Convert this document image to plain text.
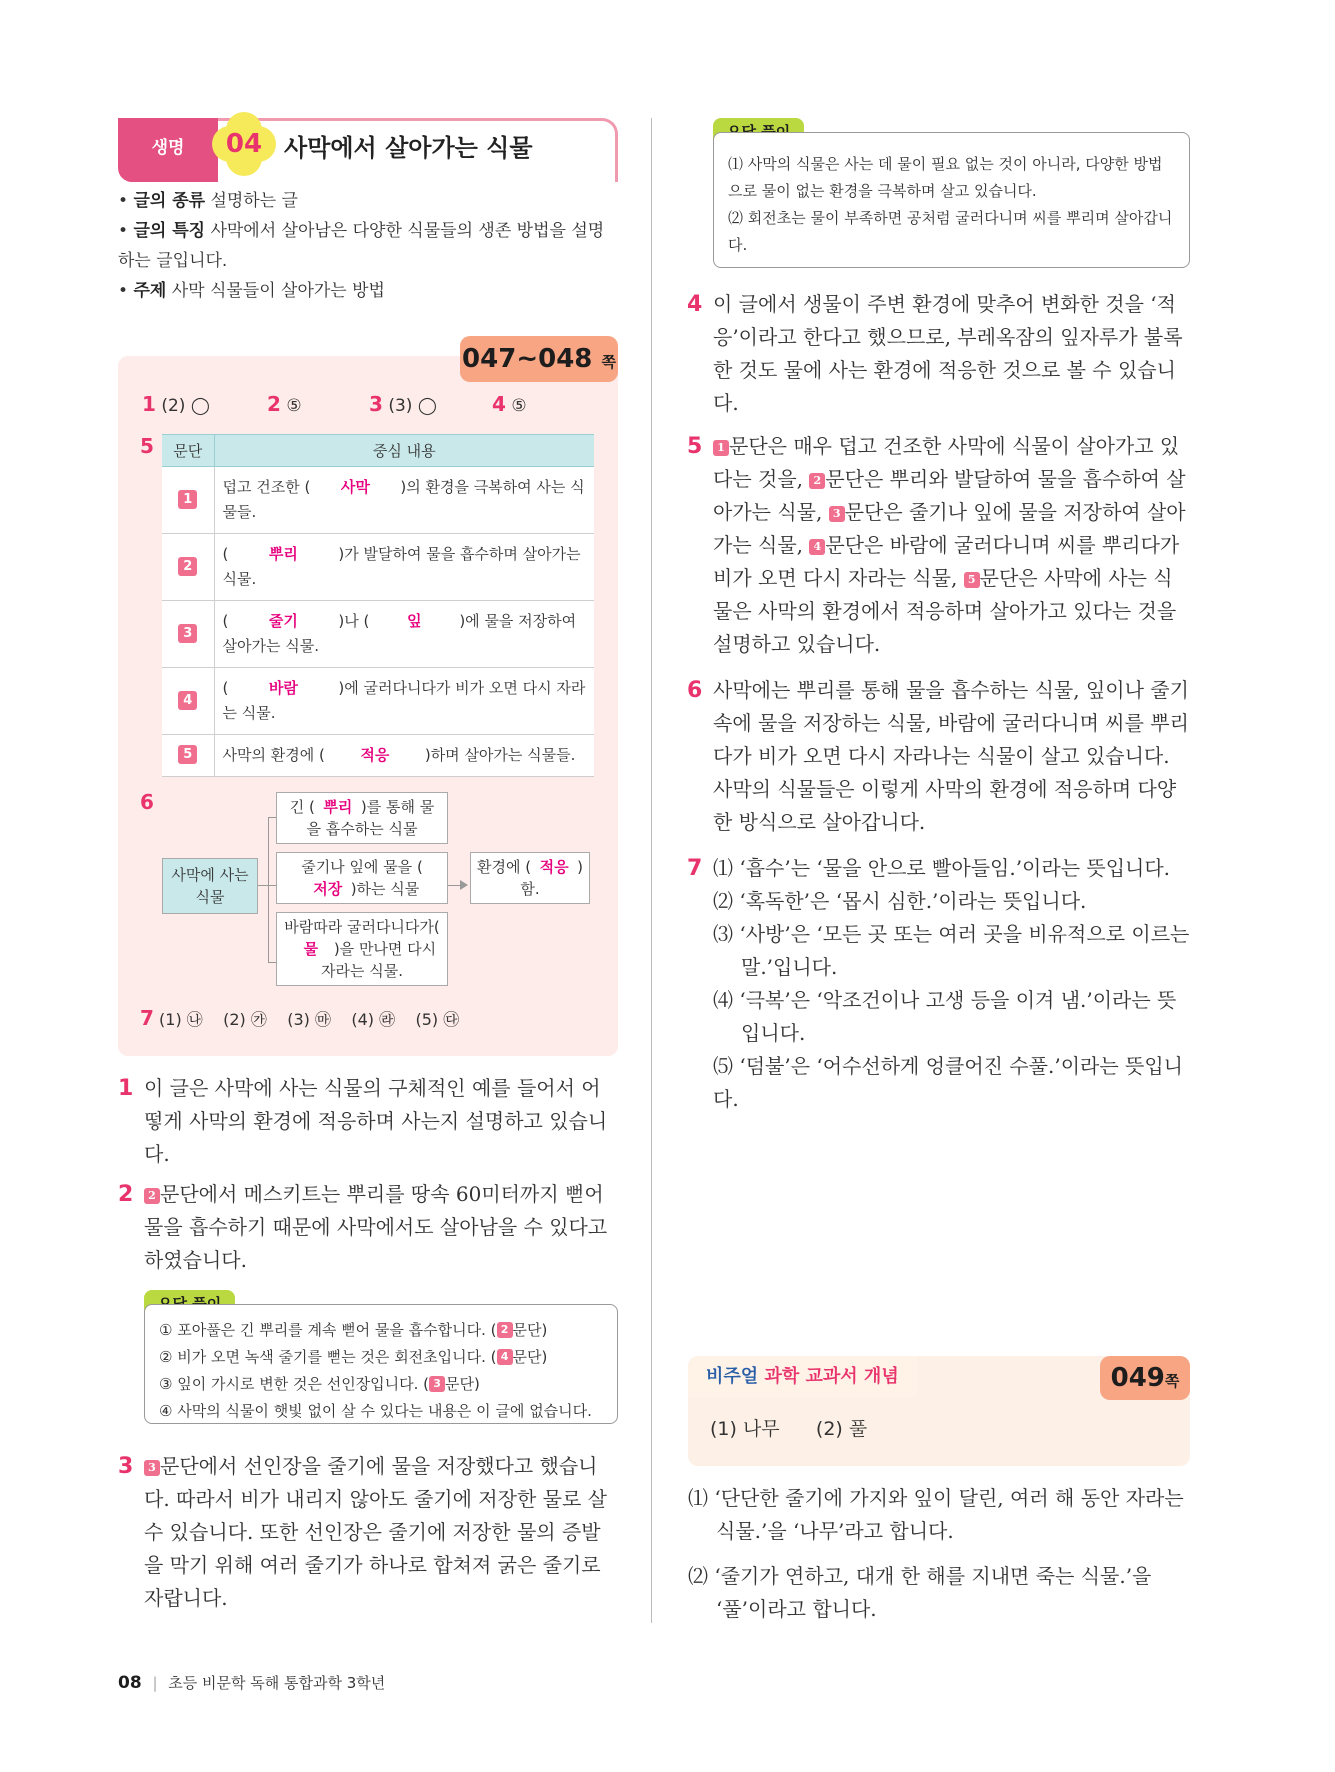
생명	04 사막에서 살아가는 식물
• 글의 종류 설명하는 글
• 글의 특징 사막에서 살아남은 다양한 식물들의 생존 방법을 설명하는 글입니다.
• 주제 사막 식물들이 살아가는 방법
047~048 쪽
1 (2) ◯	2 ⑤	3 (3) ◯	4 ⑤
5 문단	중심 내용
1	덥고 건조한 ( 사막 )의 환경을 극복하여 사는 식물들.
2	( 뿌리 )가 발달하여 물을 흡수하며 살아가는 식물.
3	( 줄기 )나 ( 잎 )에 물을 저장하여 살아가는 식물.
4	( 바람 )에 굴러다니다가 비가 오면 다시 자라는 식물.
5	사막의 환경에 ( 적응 )하며 살아가는 식물들.
6
사막에 사는 식물
긴 ( 뿌리 )를 통해 물을 흡수하는 식물
줄기나 잎에 물을 (저장 )하는 식물
바람따라 굴러다니다가(물 )을 만나면 다시 자라는 식물.
환경에 ( 적응 )함.
7 (1) ㉯ (2) ㉮ (3) ㉲ (4) ㉱ (5) ㉰
1 이 글은 사막에 사는 식물의 구체적인 예를 들어서 어떻게 사막의 환경에 적응하며 사는지 설명하고 있습니다.
2 2 문단에서 메스키트는 뿌리를 땅속 60미터까지 뻗어 물을 흡수하기 때문에 사막에서도 살아남을 수 있다고 하였습니다.
① 포아풀은 긴 뿌리를 계속 뻗어 물을 흡수합니다. ( 2 문단)
② 비가 오면 녹색 줄기를 뻗는 것은 회전초입니다. ( 4 문단)
③ 잎이 가시로 변한 것은 선인장입니다. ( 3 문단)
④ 사막의 식물이 햇빛 없이 살 수 있다는 내용은 이 글에 없습니다.
3 3 문단에서 선인장을 줄기에 물을 저장했다고 했습니다. 따라서 비가 내리지 않아도 줄기에 저장한 물로 살 수 있습니다. 또한 선인장은 줄기에 저장한 물의 증발을 막기 위해 여러 줄기가 하나로 합쳐져 굵은 줄기로 자랍니다.
⑴ 사막의 식물은 사는 데 물이 필요 없는 것이 아니라, 다양한 방법으로 물이 없는 환경을 극복하며 살고 있습니다.
⑵ 회전초는 물이 부족하면 공처럼 굴러다니며 씨를 뿌리며 살아갑니다.
4 이 글에서 생물이 주변 환경에 맞추어 변화한 것을 ‘적응’이라고 한다고 했으므로, 부레옥잠의 잎자루가 불록한 것도 물에 사는 환경에 적응한 것으로 볼 수 있습니다.
5 1 문단은 매우 덥고 건조한 사막에 식물이 살아가고 있다는 것을, 2 문단은 뿌리와 발달하여 물을 흡수하여 살아가는 식물, 3 문단은 줄기나 잎에 물을 저장하여 살아가는 식물, 4 문단은 바람에 굴러다니며 씨를 뿌리다가 비가 오면 다시 자라는 식물, 5 문단은 사막에 사는 식물은 사막의 환경에서 적응하며 살아가고 있다는 것을 설명하고 있습니다.
6 사막에는 뿌리를 통해 물을 흡수하는 식물, 잎이나 줄기 속에 물을 저장하는 식물, 바람에 굴러다니며 씨를 뿌리다가 비가 오면 다시 자라나는 식물이 살고 있습니다. 사막의 식물들은 이렇게 사막의 환경에 적응하며 다양한 방식으로 살아갑니다.
7 ⑴ ‘흡수’는 ‘물을 안으로 빨아들임.’이라는 뜻입니다.
⑵ ‘혹독한’은 ‘몹시 심한.’이라는 뜻입니다.
⑶ ‘사방’은 ‘모든 곳 또는 여러 곳을 비유적으로 이르는 말.’입니다.
⑷ ‘극복’은 ‘악조건이나 고생 등을 이겨 냄.’이라는 뜻입니다.
⑸ ‘덤불’은 ‘어수선하게 엉클어진 수풀.’이라는 뜻입니다.
비주얼 과학 교과서 개념	049쪽
(1) 나무 (2) 풀
⑴ ‘단단한 줄기에 가지와 잎이 달린, 여러 해 동안 자라는 식물.’을 ‘나무’라고 합니다.
⑵ ‘줄기가 연하고, 대개 한 해를 지내면 죽는 식물.’을 ‘풀’이라고 합니다.
08 | 초등 비문학 독해 통합과학 3학년
